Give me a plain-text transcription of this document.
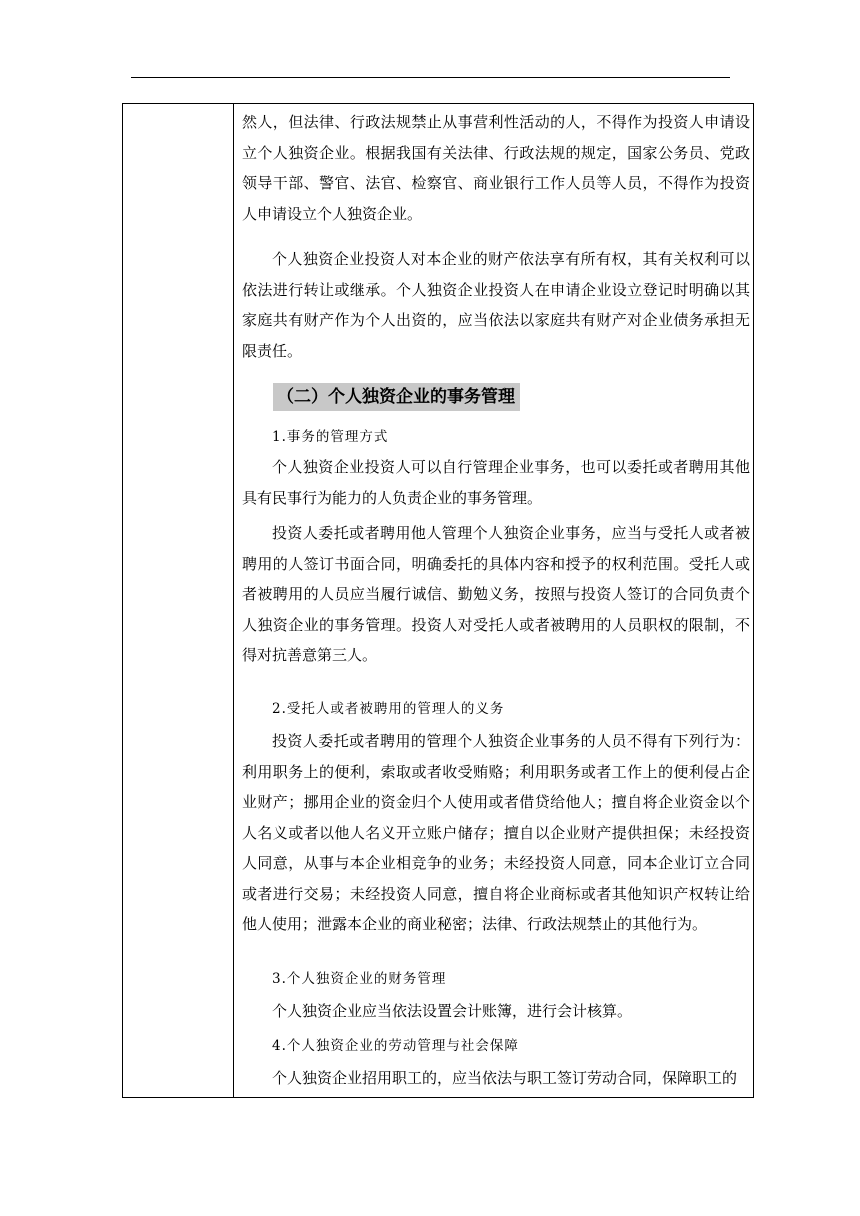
然人，但法律、行政法规禁止从事营利性活动的人，不得作为投资人申请设立个人独资企业。根据我国有关法律、行政法规的规定，国家公务员、党政领导干部、警官、法官、检察官、商业银行工作人员等人员，不得作为投资人申请设立个人独资企业。

个人独资企业投资人对本企业的财产依法享有所有权，其有关权利可以依法进行转让或继承。个人独资企业投资人在申请企业设立登记时明确以其家庭共有财产作为个人出资的，应当依法以家庭共有财产对企业债务承担无限责任。

（二）个人独资企业的事务管理

1.事务的管理方式

个人独资企业投资人可以自行管理企业事务，也可以委托或者聘用其他具有民事行为能力的人负责企业的事务管理。

投资人委托或者聘用他人管理个人独资企业事务，应当与受托人或者被聘用的人签订书面合同，明确委托的具体内容和授予的权利范围。受托人或者被聘用的人员应当履行诚信、勤勉义务，按照与投资人签订的合同负责个人独资企业的事务管理。投资人对受托人或者被聘用的人员职权的限制，不得对抗善意第三人。

2.受托人或者被聘用的管理人的义务

投资人委托或者聘用的管理个人独资企业事务的人员不得有下列行为：利用职务上的便利，索取或者收受贿赂；利用职务或者工作上的便利侵占企业财产；挪用企业的资金归个人使用或者借贷给他人；擅自将企业资金以个人名义或者以他人名义开立账户储存；擅自以企业财产提供担保；未经投资人同意，从事与本企业相竞争的业务；未经投资人同意，同本企业订立合同或者进行交易；未经投资人同意，擅自将企业商标或者其他知识产权转让给他人使用；泄露本企业的商业秘密；法律、行政法规禁止的其他行为。

3.个人独资企业的财务管理

个人独资企业应当依法设置会计账簿，进行会计核算。

4.个人独资企业的劳动管理与社会保障

个人独资企业招用职工的，应当依法与职工签订劳动合同，保障职工的
